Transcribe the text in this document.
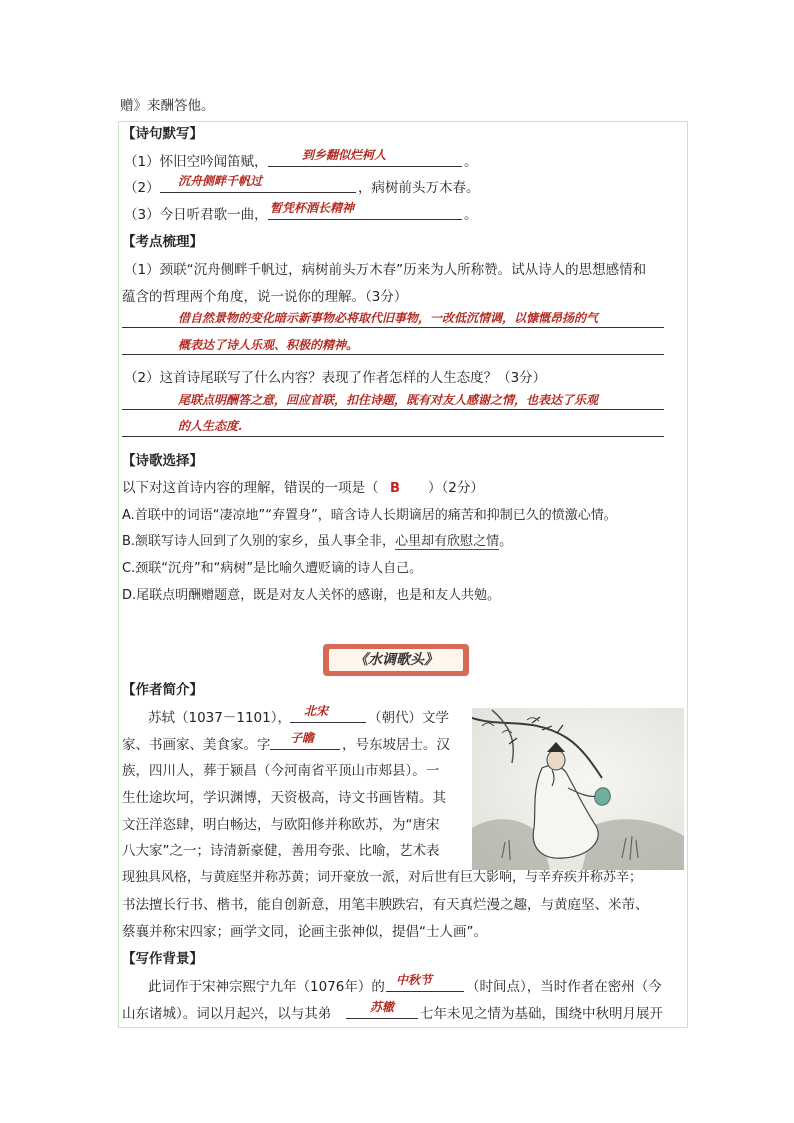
赠》来酬答他。
【诗句默写】
（1）怀旧空吟闻笛赋，	到乡翻似烂柯人	。
（2） 沉舟侧畔千帆过	，病树前头万木春。
（3）今日听君歌一曲， 暂凭杯酒长精神	。
【考点梳理】
（1）颈联“沉舟侧畔千帆过，病树前头万木春”历来为人所称赞。试从诗人的思想感情和
蕴含的哲理两个角度，说一说你的理解。（3分）
借自然景物的变化暗示新事物必将取代旧事物，一改低沉情调，以慷慨昂扬的气
概表达了诗人乐观、积极的精神。
（2）这首诗尾联写了什么内容？表现了作者怎样的人生态度？（3分）
尾联点明酬答之意，回应首联，扣住诗题，既有对友人感谢之情，也表达了乐观
的人生态度.
【诗歌选择】
以下对这首诗内容的理解，错误的一项是（ B ）（2分）
A.首联中的词语“凄凉地”“弃置身”，暗含诗人长期谪居的痛苦和抑制已久的愤激心情。
B.颔联写诗人回到了久别的家乡，虽人事全非，心里却有欣慰之情。
C.颈联“沉舟”和“病树”是比喻久遭贬谪的诗人自己。
D.尾联点明酬赠题意，既是对友人关怀的感谢，也是和友人共勉。
《水调歌头》
【作者简介】
苏轼（1037－1101）， 北宋	（朝代）文学
家、书画家、美食家。字 子瞻 ，号东坡居士。汉
族，四川人，葬于颍昌（今河南省平顶山市郏县）。一
生仕途坎坷，学识渊博，天资极高，诗文书画皆精。其
文汪洋恣肆，明白畅达，与欧阳修并称欧苏，为“唐宋
八大家”之一；诗清新豪健，善用夸张、比喻，艺术表
现独具风格，与黄庭坚并称苏黄；词开豪放一派，对后世有巨大影响，与辛弃疾并称苏辛；
书法擅长行书、楷书，能自创新意，用笔丰腴跌宕，有天真烂漫之趣，与黄庭坚、米芾、
蔡襄并称宋四家；画学文同，论画主张神似，提倡“士人画”。
【写作背景】
此词作于宋神宗熙宁九年（1076年）的 中秋节	（时间点），当时作者在密州（今
山东诸城）。词以月起兴，以与其弟	苏辙 七年未见之情为基础，围绕中秋明月展开
